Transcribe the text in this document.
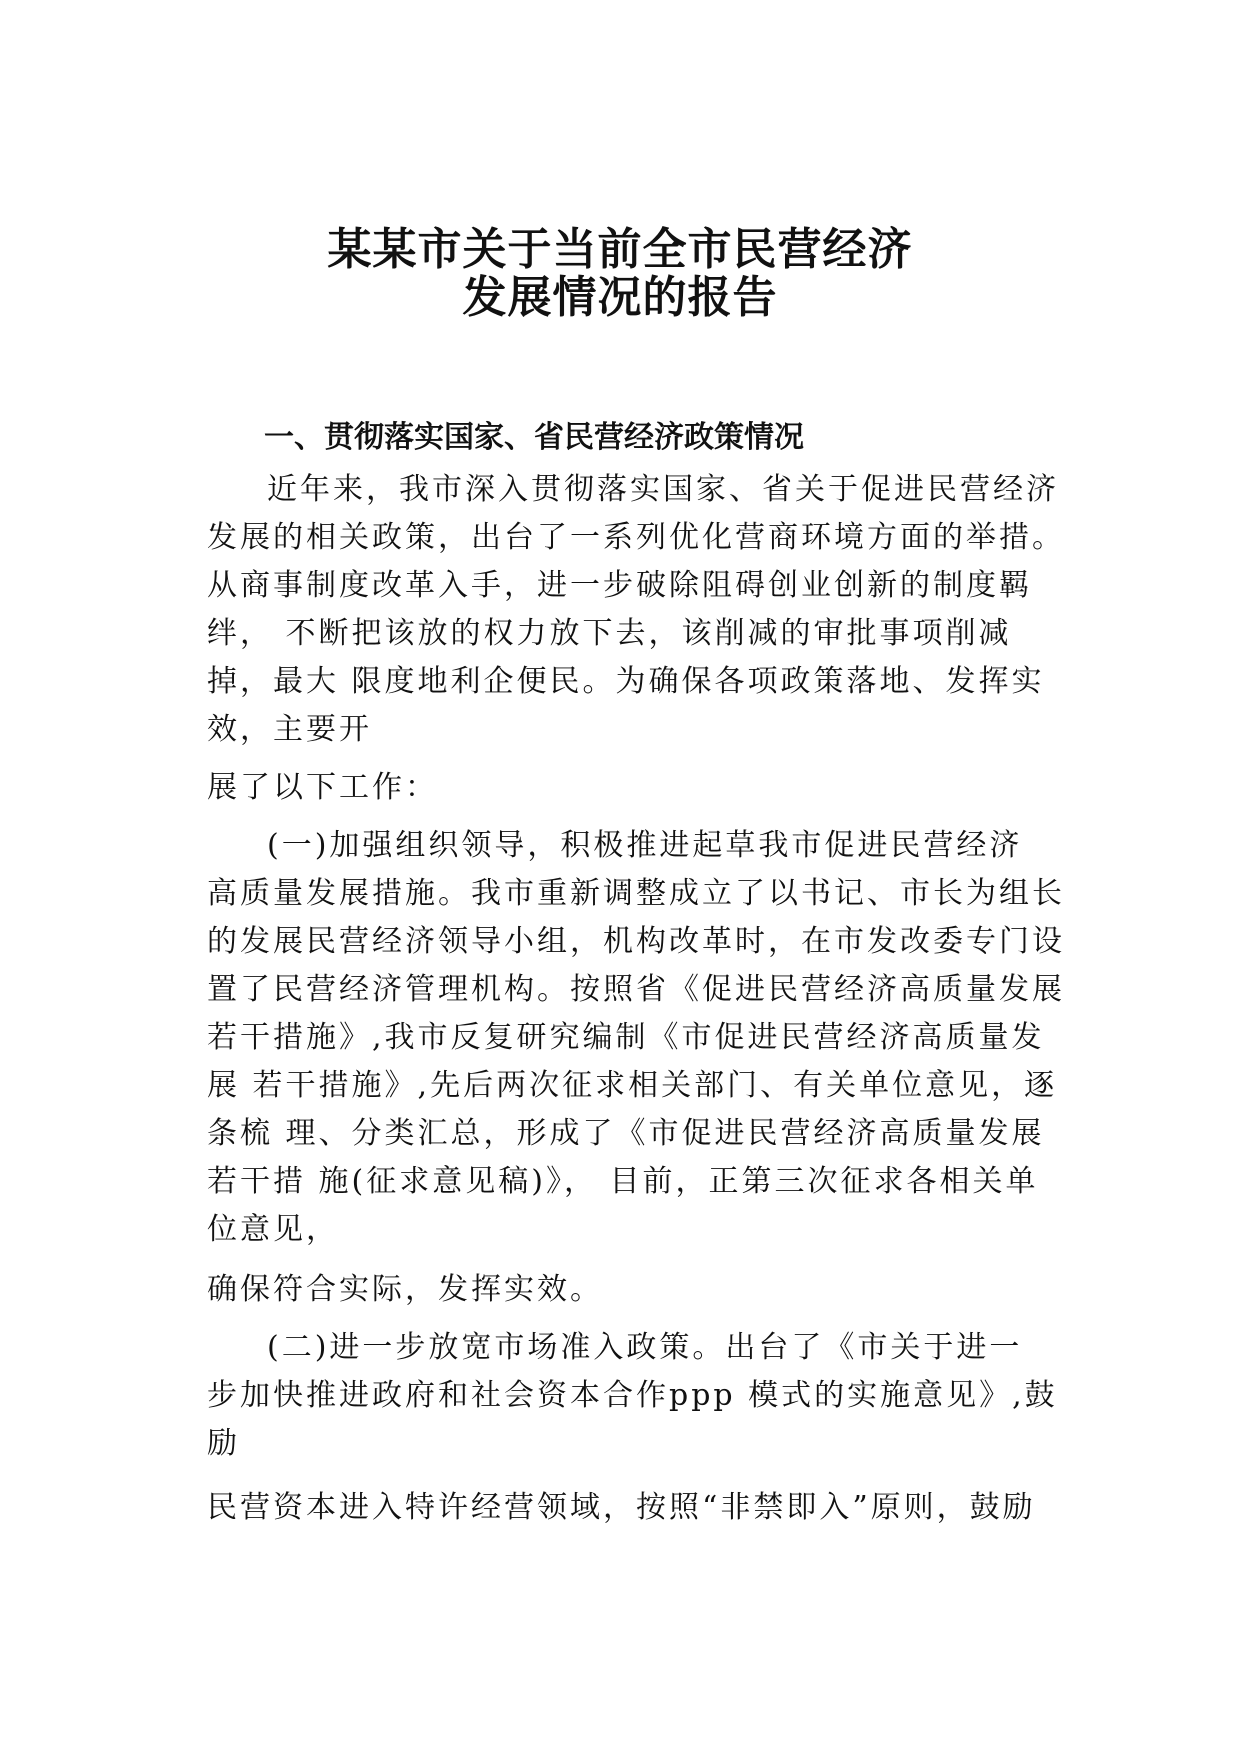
某某市关于当前全市民营经济
发展情况的报告
一、贯彻落实国家、省民营经济政策情况
近年来，我市深入贯彻落实国家、省关于促进民营经济
发展的相关政策，出台了一系列优化营商环境方面的举措。
从商事制度改革入手，进一步破除阻碍创业创新的制度羁
绊， 不断把该放的权力放下去，该削减的审批事项削减
掉，最大 限度地利企便民。为确保各项政策落地、发挥实
效，主要开
展了以下工作：
(一)加强组织领导，积极推进起草我市促进民营经济
高质量发展措施。我市重新调整成立了以书记、市长为组长
的发展民营经济领导小组，机构改革时，在市发改委专门设
置了民营经济管理机构。按照省《促进民营经济高质量发展
若干措施》,我市反复研究编制《市促进民营经济高质量发
展 若干措施》,先后两次征求相关部门、有关单位意见，逐
条梳 理、分类汇总，形成了《市促进民营经济高质量发展
若干措 施(征求意见稿)》， 目前，正第三次征求各相关单
位意见，
确保符合实际，发挥实效。
(二)进一步放宽市场准入政策。出台了《市关于进一
步加快推进政府和社会资本合作ppp 模式的实施意见》,鼓
励
民营资本进入特许经营领域，按照“非禁即入”原则，鼓励
